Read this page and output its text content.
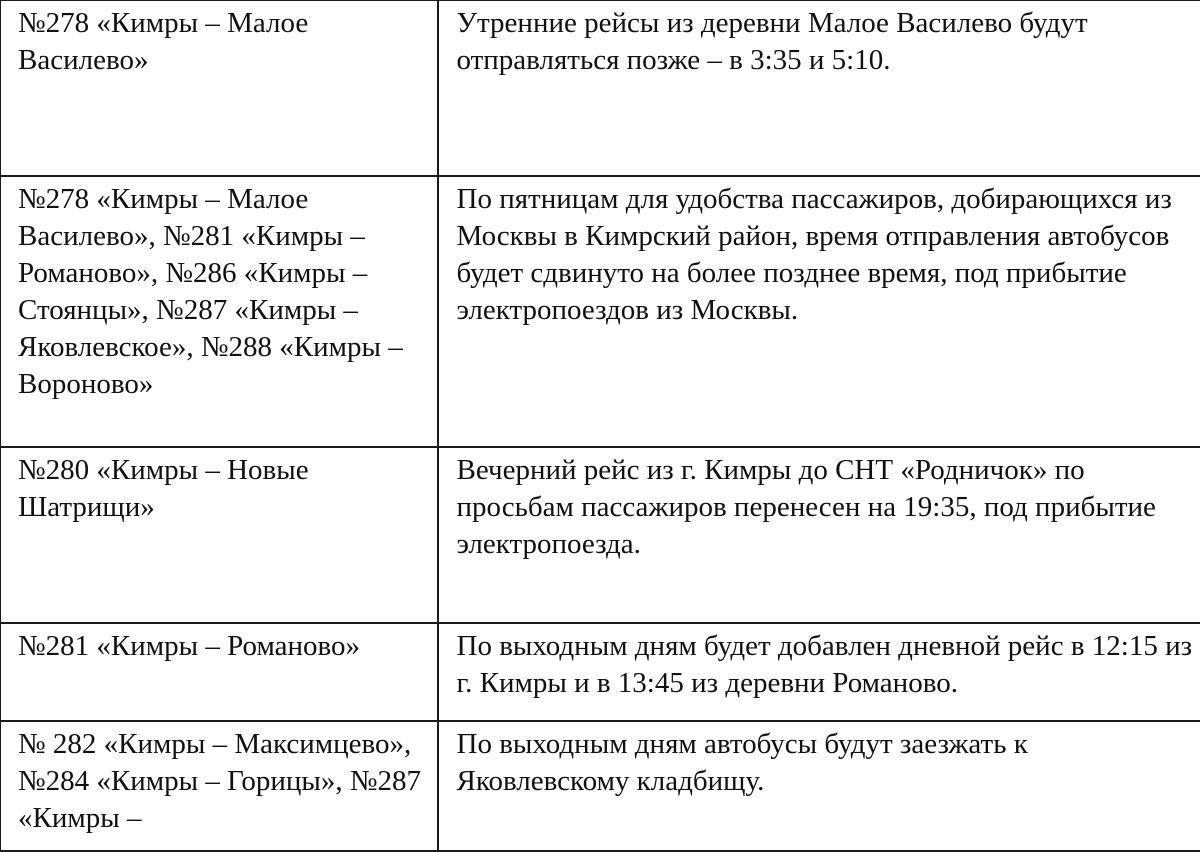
№278 «Кимры – Малое Василево»	Утренние рейсы из деревни Малое Василево будут отправляться позже – в 3:35 и 5:10.
№278 «Кимры – Малое Василево», №281 «Кимры – Романово», №286 «Кимры – Стоянцы», №287 «Кимры – Яковлевское», №288 «Кимры – Вороново»	По пятницам для удобства пассажиров, добирающихся из Москвы в Кимрский район, время отправления автобусов будет сдвинуто на более позднее время, под прибытие электропоездов из Москвы.
№280 «Кимры – Новые Шатрищи»	Вечерний рейс из г. Кимры до СНТ «Родничок» по просьбам пассажиров перенесен на 19:35, под прибытие электропоезда.
№281 «Кимры – Романово»	По выходным дням будет добавлен дневной рейс в 12:15 из г. Кимры и в 13:45 из деревни Романово.
№ 282 «Кимры – Максимцево», №284 «Кимры – Горицы», №287 «Кимры –	По выходным дням автобусы будут заезжать к Яковлевскому кладбищу.
